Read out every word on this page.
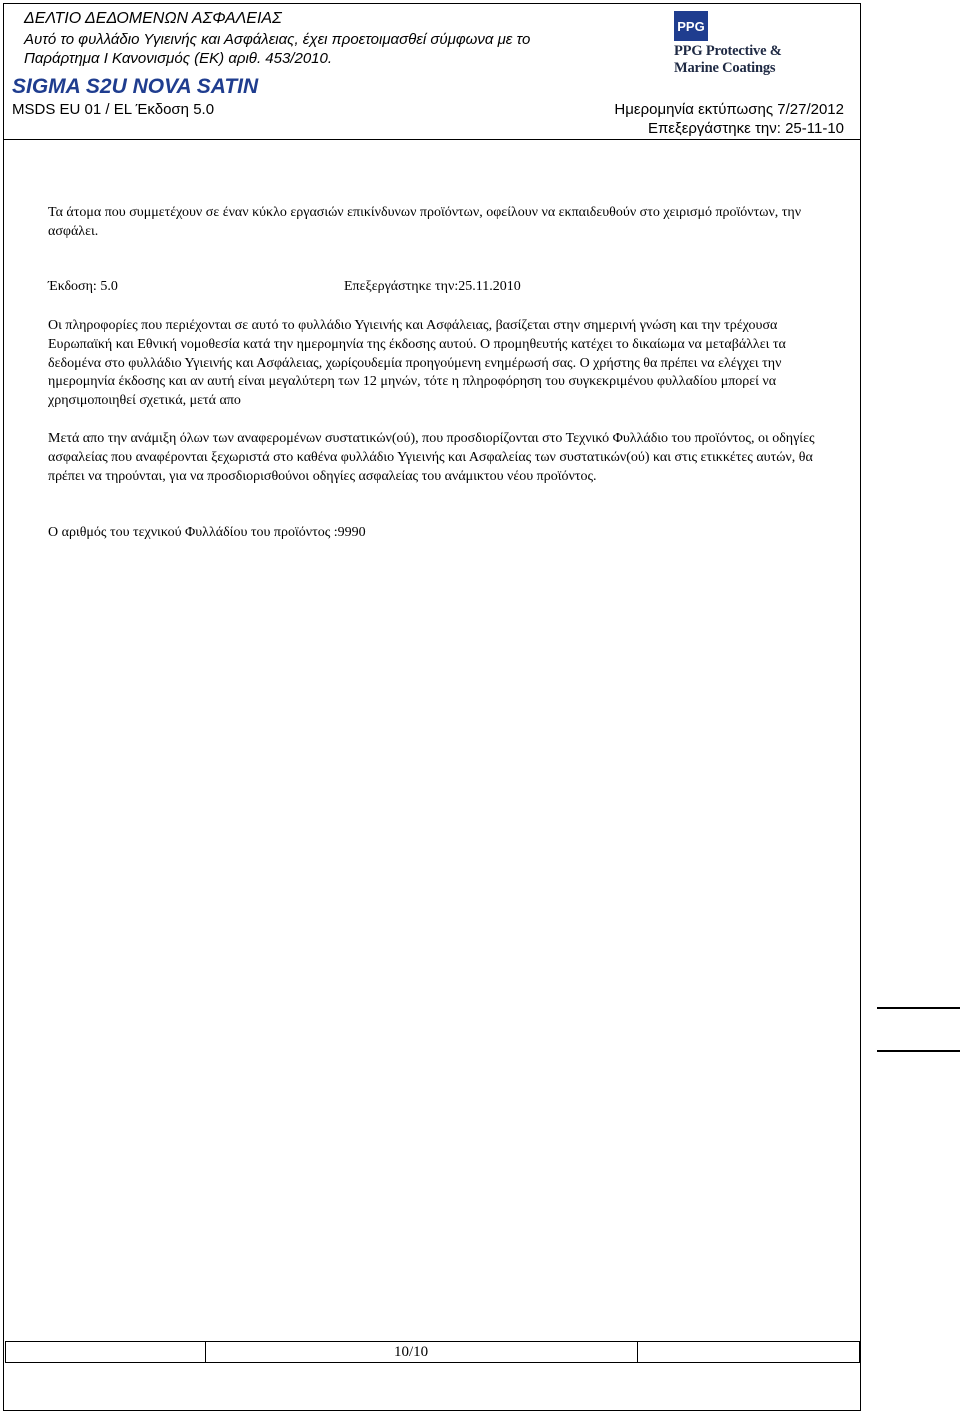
ΔΕΛΤΙΟ ΔΕΔΟΜΕΝΩΝ ΑΣΦΑΛΕΙΑΣ

Αυτό το φυλλάδιο Υγιεινής και Ασφάλειας, έχει προετοιμασθεί σύμφωνα με το

Παράρτημα I Κανονισμός (ΕΚ) αριθ. 453/2010.

SIGMA S2U NOVA SATIN

MSDS EU 01 / EL Έκδοση 5.0	Ημερομηνία εκτύπωσης 7/27/2012

Επεξεργάστηκε την: 25-11-10

PPG

PPG Protective &

Marine Coatings

Τα άτομα που συμμετέχουν σε έναν κύκλο εργασιών επικίνδυνων προϊόντων, οφείλουν να εκπαιδευθούν στο χειρισμό προϊόντων, την ασφάλει.

Έκδοση: 5.0	Επεξεργάστηκε την:25.11.2010

Οι πληροφορίες που περιέχονται σε αυτό το φυλλάδιο Υγιεινής και Ασφάλειας, βασίζεται στην σημερινή γνώση και την τρέχουσα Ευρωπαϊκή και Εθνική νομοθεσία κατά την ημερομηνία της έκδοσης αυτού. Ο προμηθευτής κατέχει το δικαίωμα να μεταβάλλει τα δεδομένα στο φυλλάδιο Υγιεινής και Ασφάλειας, χωρίςουδεμία προηγούμενη ενημέρωσή σας. Ο χρήστης θα πρέπει να ελέγχει την ημερομηνία έκδοσης και αν αυτή είναι μεγαλύτερη των 12 μηνών, τότε η πληροφόρηση του συγκεκριμένου φυλλαδίου μπορεί να χρησιμοποιηθεί σχετικά, μετά απο

Μετά απο την ανάμιξη όλων των αναφερομένων συστατικών(ού), που προσδιορίζονται στο Τεχνικό Φυλλάδιο του προϊόντος, οι οδηγίες ασφαλείας που αναφέρονται ξεχωριστά στο καθένα φυλλάδιο Υγιεινής και Ασφαλείας των συστατικών(ού) και στις ετικκέτες αυτών, θα πρέπει να τηρούνται, για να προσδιορισθούνοι οδηγίες ασφαλείας του ανάμικτου νέου προϊόντος.

Ο αριθμός του τεχνικού Φυλλάδίου του προϊόντος :9990

10/10
